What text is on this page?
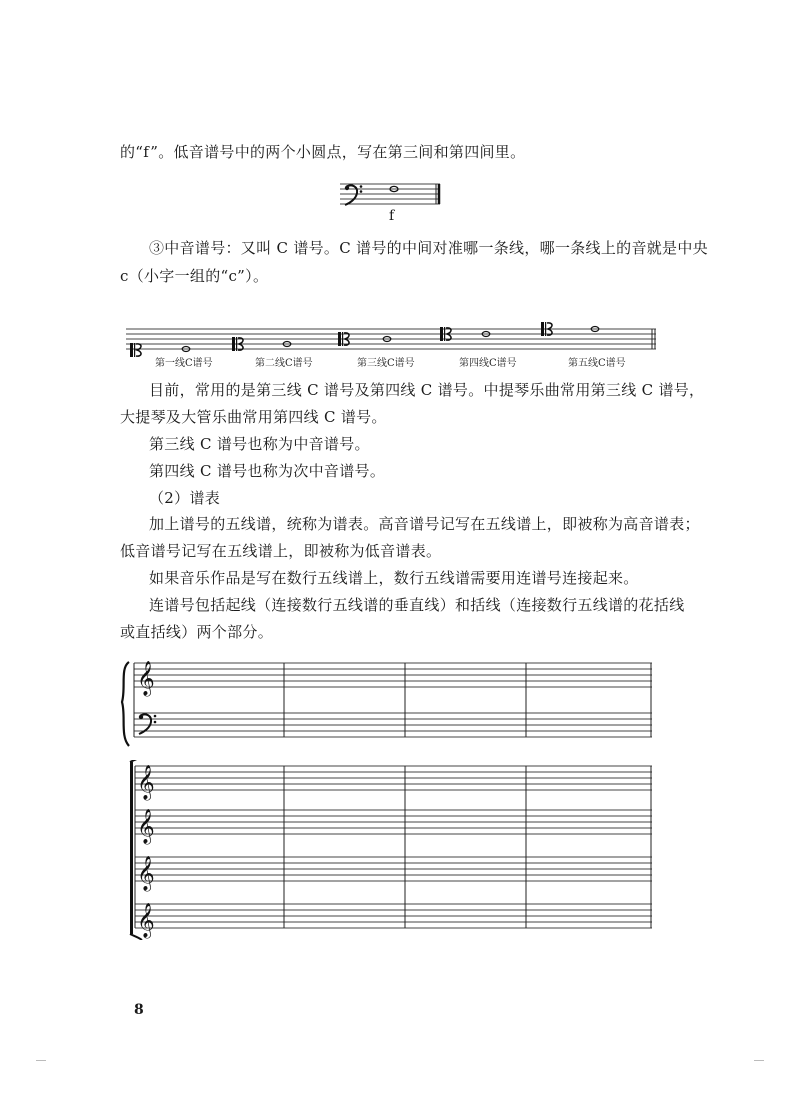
的“f”。低音谱号中的两个小圆点，写在第三间和第四间里。
f
③中音谱号：又叫 C 谱号。C 谱号的中间对准哪一条线，哪一条线上的音就是中央
c（小字一组的“c”）。
第一线C谱号	第二线C谱号	第三线C谱号	第四线C谱号	第五线C谱号
目前，常用的是第三线 C 谱号及第四线 C 谱号。中提琴乐曲常用第三线 C 谱号，
大提琴及大管乐曲常用第四线 C 谱号。
第三线 C 谱号也称为中音谱号。
第四线 C 谱号也称为次中音谱号。
（2）谱表
加上谱号的五线谱，统称为谱表。高音谱号记写在五线谱上，即被称为高音谱表；
低音谱号记写在五线谱上，即被称为低音谱表。
如果音乐作品是写在数行五线谱上，数行五线谱需要用连谱号连接起来。
连谱号包括起线（连接数行五线谱的垂直线）和括线（连接数行五线谱的花括线
或直括线）两个部分。
𝄞
𝄞
𝄞
𝄞
𝄞
8
